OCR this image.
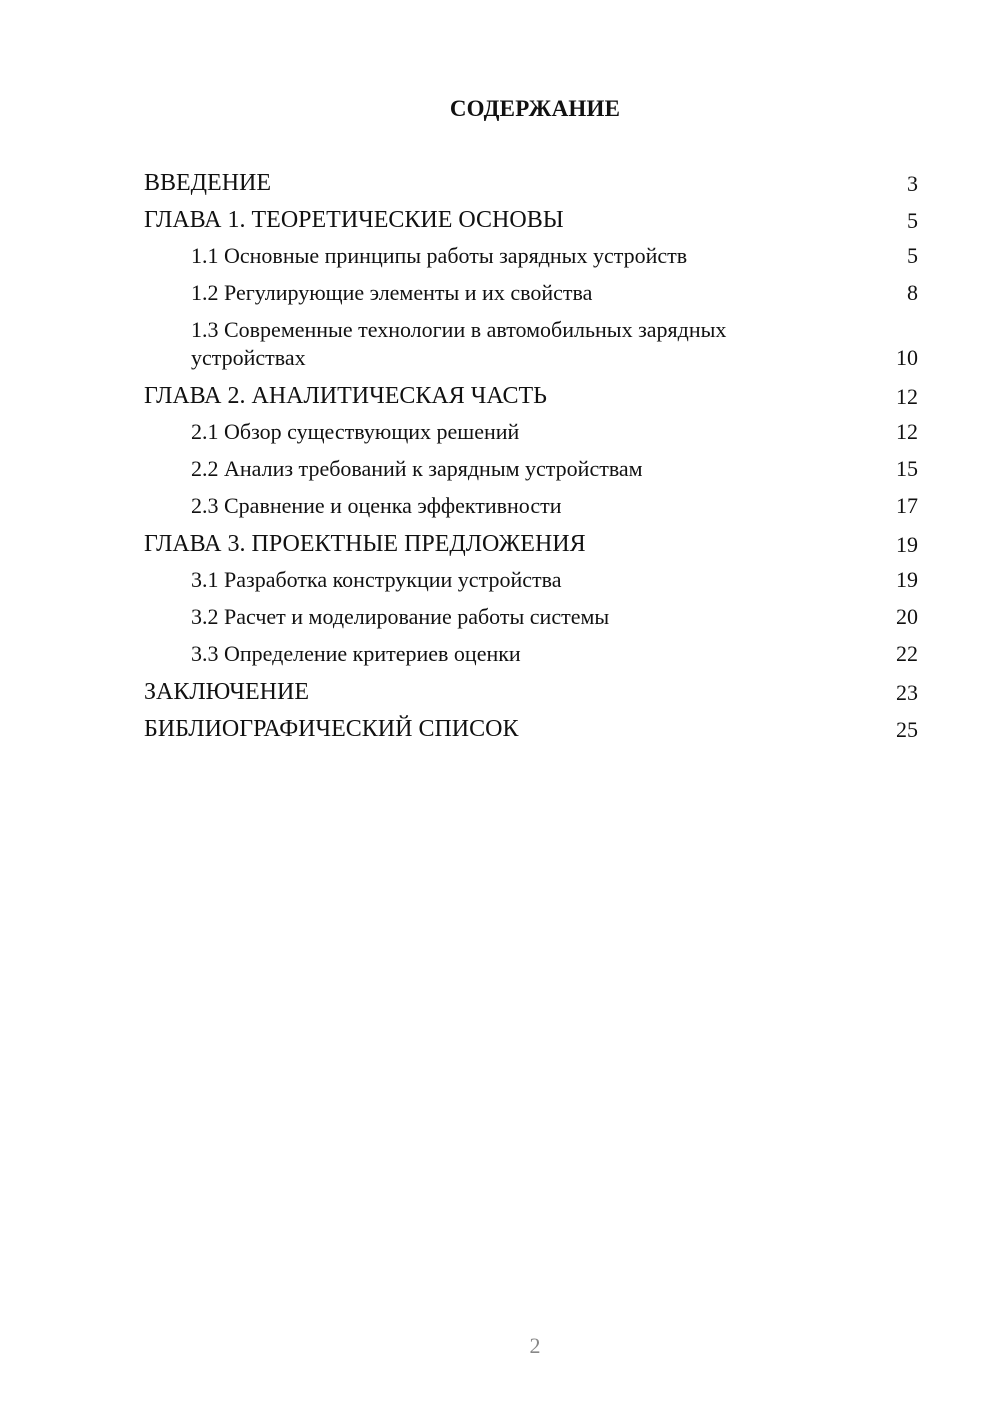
СОДЕРЖАНИЕ
ВВЕДЕНИЕ	3
ГЛАВА 1. ТЕОРЕТИЧЕСКИЕ ОСНОВЫ	5
1.1 Основные принципы работы зарядных устройств	5
1.2 Регулирующие элементы и их свойства	8
1.3 Современные технологии в автомобильных зарядных устройствах	10
ГЛАВА 2. АНАЛИТИЧЕСКАЯ ЧАСТЬ	12
2.1 Обзор существующих решений	12
2.2 Анализ требований к зарядным устройствам	15
2.3 Сравнение и оценка эффективности	17
ГЛАВА 3. ПРОЕКТНЫЕ ПРЕДЛОЖЕНИЯ	19
3.1 Разработка конструкции устройства	19
3.2 Расчет и моделирование работы системы	20
3.3 Определение критериев оценки	22
ЗАКЛЮЧЕНИЕ	23
БИБЛИОГРАФИЧЕСКИЙ СПИСОК	25
2
